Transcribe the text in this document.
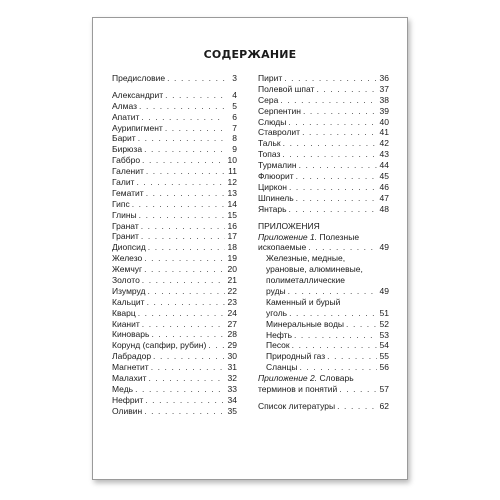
СОДЕРЖАНИЕ
Предисловие . . .	3
Александрит . . .	4
Алмаз . . .	5
Апатит . . .	6
Аурипигмент . . .	7
Барит . . .	8
Бирюза . . .	9
Габбро . . .	10
Галенит . . .	11
Галит . . .	12
Гематит . . .	13
Гипс . . .	14
Глины . . .	15
Гранат . . .	16
Гранит . . .	17
Диопсид . . .	18
Железо . . .	19
Жемчуг . . .	20
Золото . . .	21
Изумруд . . .	22
Кальцит . . .	23
Кварц . . .	24
Кианит . . .	27
Киноварь . . .	28
Корунд (сапфир, рубин) . . . 29
Лабрадор . . .	30
Магнетит . . .	31
Малахит . . .	32
Медь . . .	33
Нефрит . . .	34
Оливин . . .	35
Пирит . . .	36
Полевой шпат . . .	37
Сера . . .	38
Серпентин . . .	39
Слюды . . .	40
Ставролит . . .	41
Тальк . . .	42
Топаз . . .	43
Турмалин . . .	44
Флюорит . . .	45
Циркон . . .	46
Шпинель . . .	47
Янтарь . . .	48
ПРИЛОЖЕНИЯ
Приложение 1. Полезные
ископаемые . . .	49
Железные, медные,
урановые, алюминевые,
полиметаллические
руды . . .	49
Каменный и бурый
уголь . . .	51
Минеральные воды . . .	52
Нефть . . .	53
Песок . . .	54
Природный газ . . .	55
Сланцы . . .	56
Приложение 2. Словарь
терминов и понятий . . .	57
Список литературы . . .	62
